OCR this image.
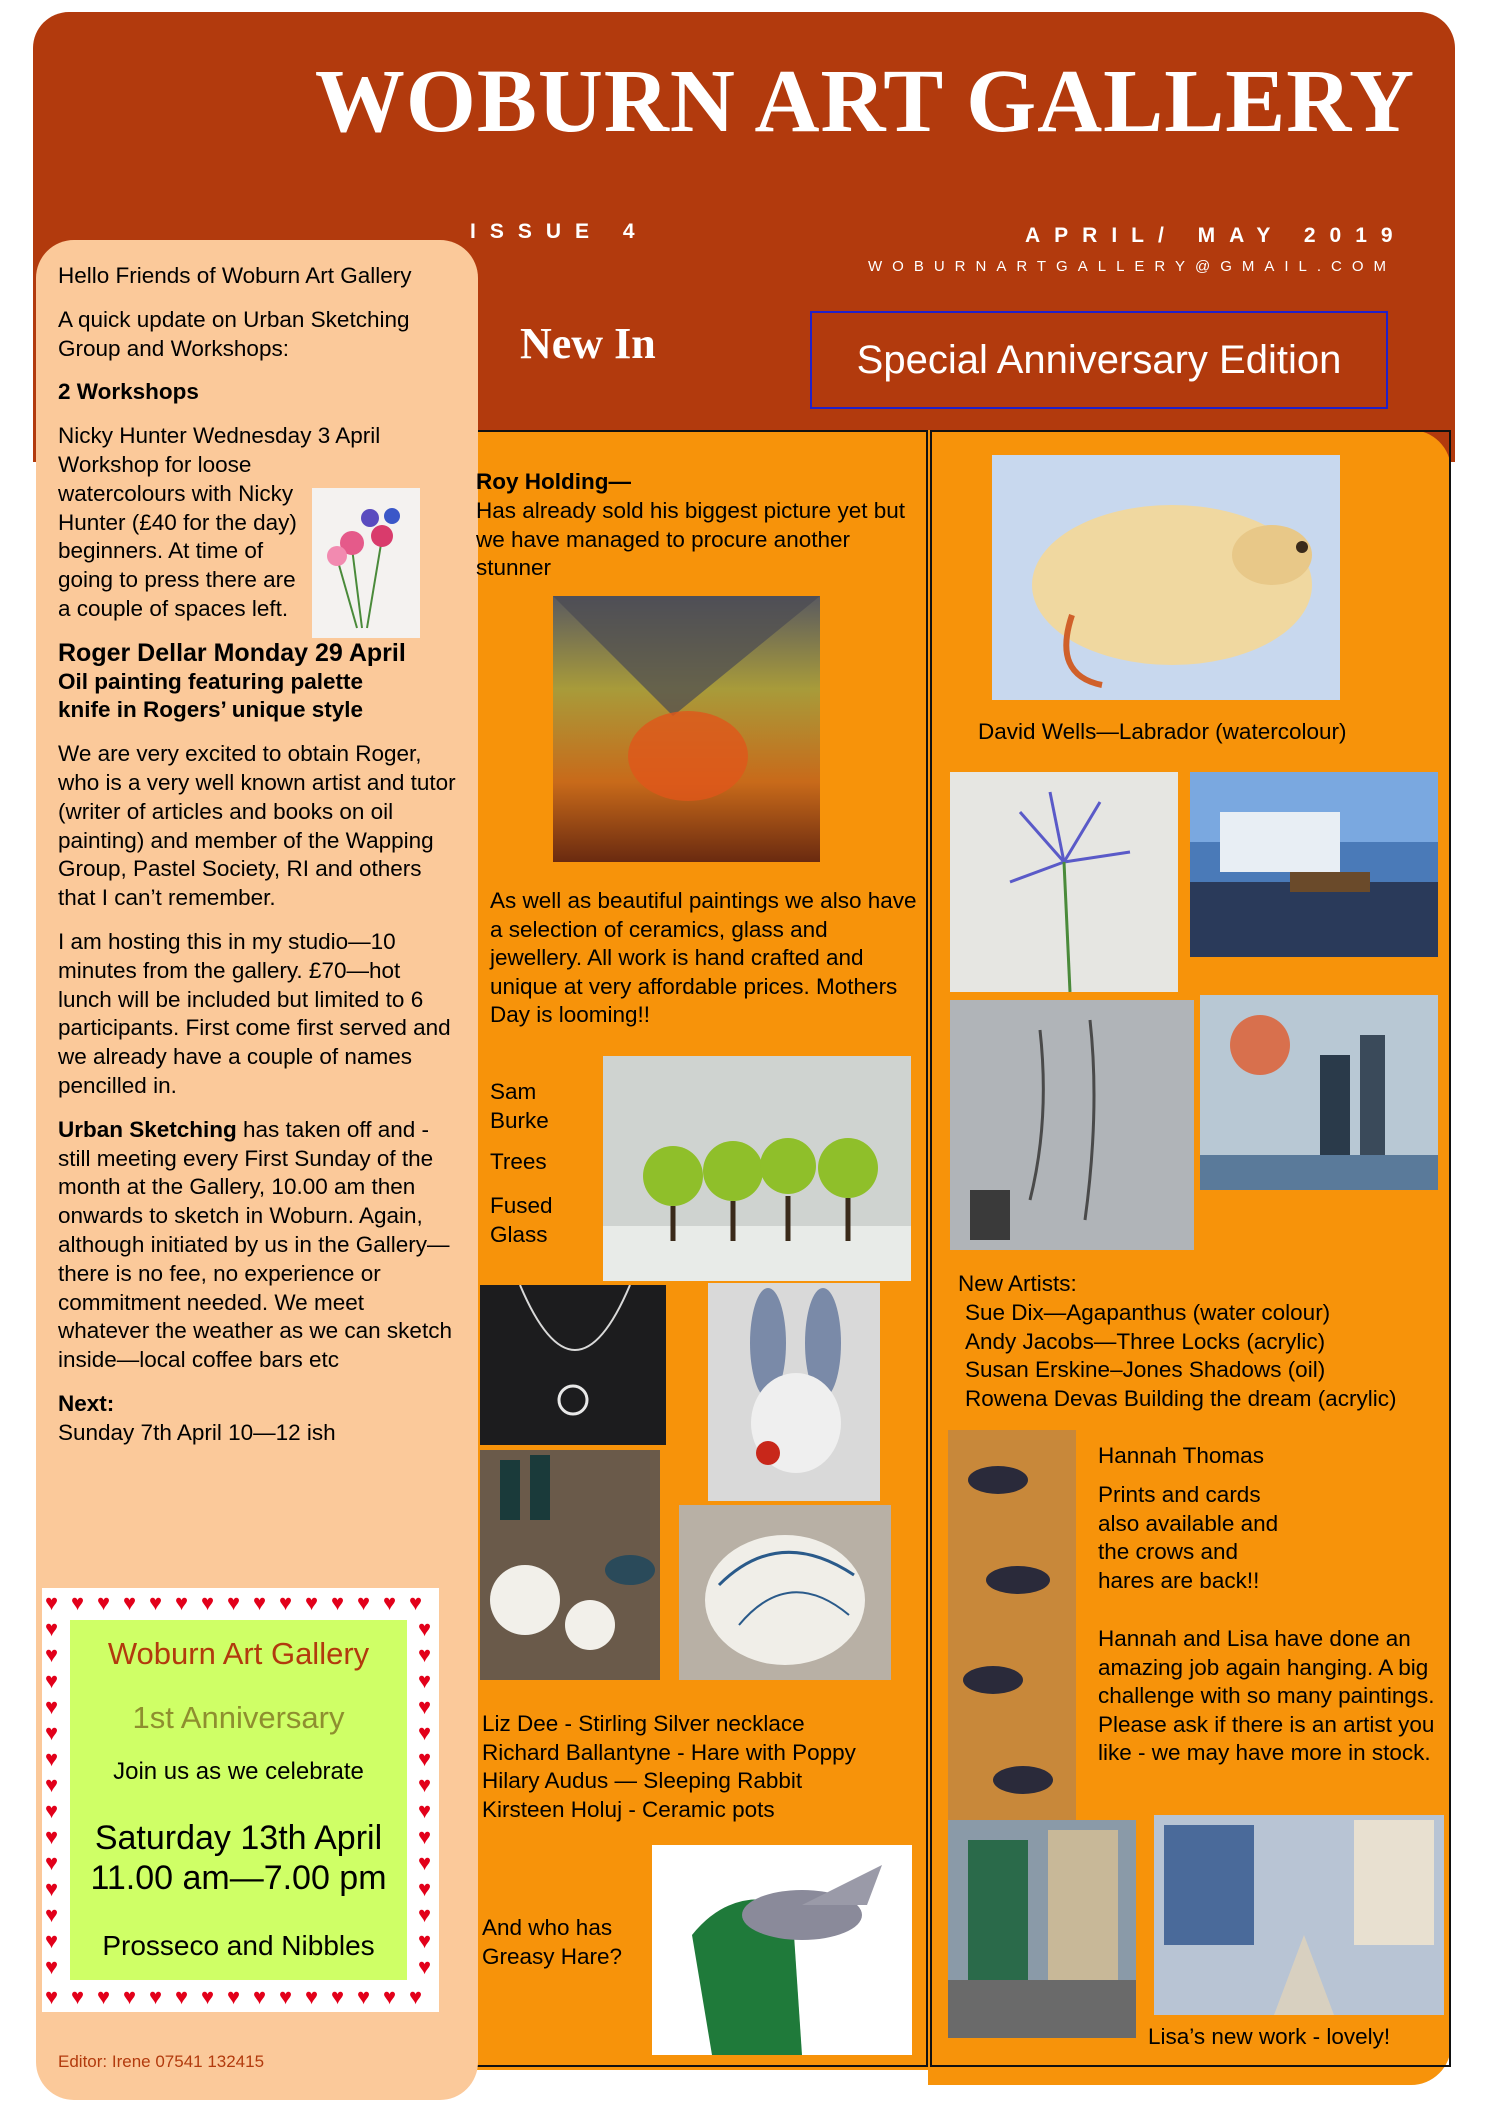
WOBURN ART GALLERY
ISSUE 4	APRIL/ MAY 2019
WOBURNARTGALLERY@GMAIL.COM
New In	Special Anniversary Edition

Hello Friends of Woburn Art Gallery

A quick update on Urban Sketching Group and Workshops:

2 Workshops

Nicky Hunter Wednesday 3 April

Workshop for loose watercolours with Nicky Hunter (£40 for the day) beginners. At time of going to press there are a couple of spaces left.

Roger Dellar Monday 29 April

Oil painting featuring palette knife in Rogers’ unique style

We are very excited to obtain Roger, who is a very well known artist and tutor (writer of articles and books on oil painting) and member of the Wapping Group, Pastel Society, RI and others that I can’t remember.

I am hosting this in my studio—10 minutes from the gallery. £70—hot lunch will be included but limited to 6 participants. First come first served and we already have a couple of names pencilled in.

Urban Sketching has taken off and - still meeting every First Sunday of the month at the Gallery, 10.00 am then onwards to sketch in Woburn. Again, although initiated by us in the Gallery—there is no fee, no experience or commitment needed. We meet whatever the weather as we can sketch inside—local coffee bars etc

Next:

Sunday 7th April 10—12 ish

♥
♥
♥
♥
♥
♥
♥
♥
♥
♥
♥
♥
♥
♥
♥
♥
♥
♥
♥
♥
♥
♥
♥
♥
♥
♥
♥
♥
♥
♥
♥	♥
♥	♥
♥	♥
♥	♥
♥	♥
♥	♥
♥	♥
♥	♥
♥	♥
♥	♥
♥	♥
♥	♥
♥	♥
♥	♥
Woburn Art Gallery
1st Anniversary
Join us as we celebrate
Saturday 13th April
11.00 am—7.00 pm
Prosseco and Nibbles
Editor: Irene 07541 132415
Roy Holding—
Has already sold his biggest picture yet but we have managed to procure another stunner
As well as beautiful paintings we also have a selection of ceramics, glass and jewellery. All work is hand crafted and unique at very affordable prices. Mothers Day is looming!!
Sam Burke
Trees
Fused Glass
Liz Dee - Stirling Silver necklace
Richard Ballantyne - Hare with Poppy
Hilary Audus — Sleeping Rabbit
Kirsteen Holuj - Ceramic pots
And who has Greasy Hare?
David Wells—Labrador (watercolour)
New Artists:
Sue Dix—Agapanthus (water colour)
Andy Jacobs—Three Locks (acrylic)
Susan Erskine–Jones Shadows (oil)
Rowena Devas Building the dream (acrylic)
Hannah Thomas
Prints and cards also available and the crows and hares are back!!
Hannah and Lisa have done an amazing job again hanging. A big challenge with so many paintings. Please ask if there is an artist you like - we may have more in stock.
Lisa’s new work - lovely!
